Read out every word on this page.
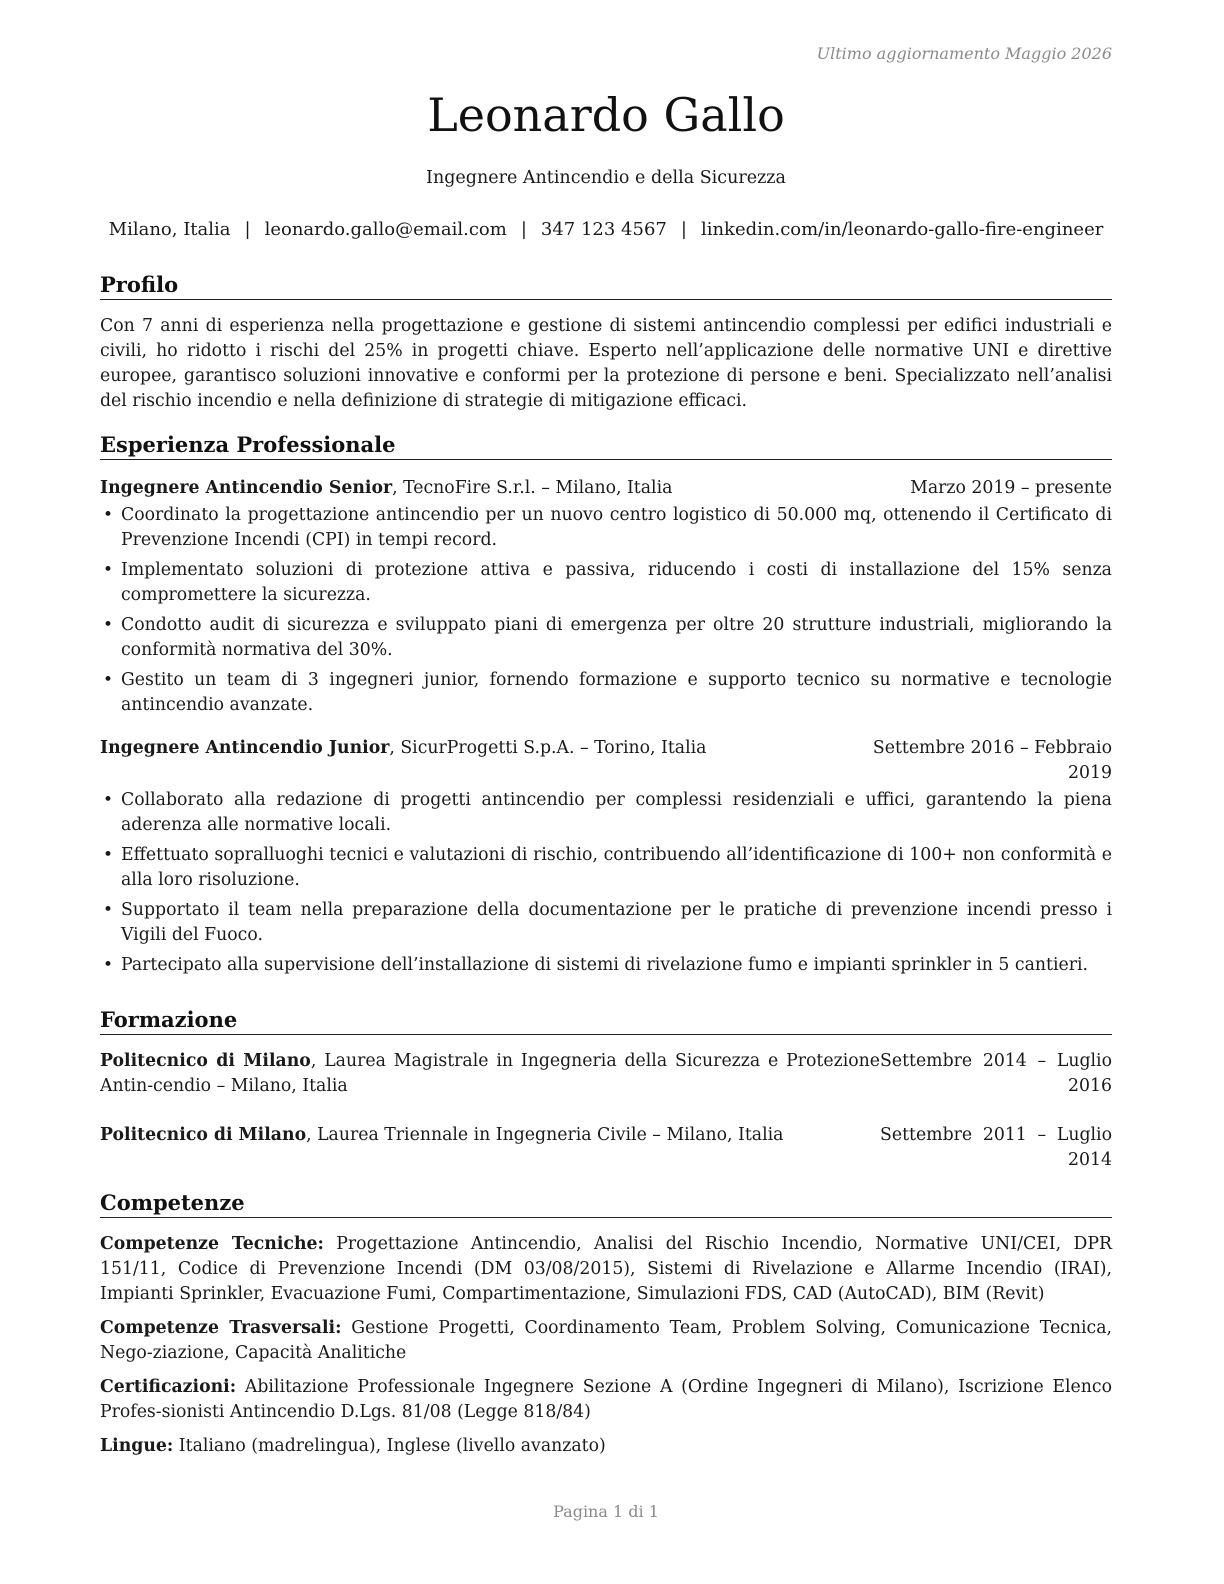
Ultimo aggiornamento Maggio 2026
Leonardo Gallo
Ingegnere Antincendio e della Sicurezza
Milano, Italia | leonardo.gallo@email.com | 347 123 4567 | linkedin.com/in/leonardo-gallo-fire-engineer
Profilo
Con 7 anni di esperienza nella progettazione e gestione di sistemi antincendio complessi per edifici industriali e civili, ho ridotto i rischi del 25% in progetti chiave. Esperto nell’applicazione delle normative UNI e direttive europee, garantisco soluzioni innovative e conformi per la protezione di persone e beni. Specializzato nell’analisi del rischio incendio e nella definizione di strategie di mitigazione efficaci.
Esperienza Professionale
Ingegnere Antincendio Senior, TecnoFire S.r.l. – Milano, Italia	Marzo 2019 – presente
• Coordinato la progettazione antincendio per un nuovo centro logistico di 50.000 mq, ottenendo il Certificato di Prevenzione Incendi (CPI) in tempi record.
• Implementato soluzioni di protezione attiva e passiva, riducendo i costi di installazione del 15% senza compromettere la sicurezza.
• Condotto audit di sicurezza e sviluppato piani di emergenza per oltre 20 strutture industriali, migliorando la conformità normativa del 30%.
• Gestito un team di 3 ingegneri junior, fornendo formazione e supporto tecnico su normative e tecnologie antincendio avanzate.
Ingegnere Antincendio Junior, SicurProgetti S.p.A. – Torino, Italia	Settembre 2016 – Febbraio 2019
• Collaborato alla redazione di progetti antincendio per complessi residenziali e uffici, garantendo la piena aderenza alle normative locali.
• Effettuato sopralluoghi tecnici e valutazioni di rischio, contribuendo all’identificazione di 100+ non conformità e alla loro risoluzione.
• Supportato il team nella preparazione della documentazione per le pratiche di prevenzione incendi presso i Vigili del Fuoco.
• Partecipato alla supervisione dell’installazione di sistemi di rivelazione fumo e impianti sprinkler in 5 cantieri.
Formazione
Politecnico di Milano, Laurea Magistrale in Ingegneria della Sicurezza e Protezione Antin-cendio – Milano, Italia
Settembre 2014 – Luglio 2016
Politecnico di Milano, Laurea Triennale in Ingegneria Civile – Milano, Italia	Settembre 2011 – Luglio 2014
Competenze
Competenze Tecniche: Progettazione Antincendio, Analisi del Rischio Incendio, Normative UNI/CEI, DPR 151/11, Codice di Prevenzione Incendi (DM 03/08/2015), Sistemi di Rivelazione e Allarme Incendio (IRAI), Impianti Sprinkler, Evacuazione Fumi, Compartimentazione, Simulazioni FDS, CAD (AutoCAD), BIM (Revit)
Competenze Trasversali: Gestione Progetti, Coordinamento Team, Problem Solving, Comunicazione Tecnica, Nego-ziazione, Capacità Analitiche
Certificazioni: Abilitazione Professionale Ingegnere Sezione A (Ordine Ingegneri di Milano), Iscrizione Elenco Profes-sionisti Antincendio D.Lgs. 81/08 (Legge 818/84)
Lingue: Italiano (madrelingua), Inglese (livello avanzato)
Pagina 1 di 1
